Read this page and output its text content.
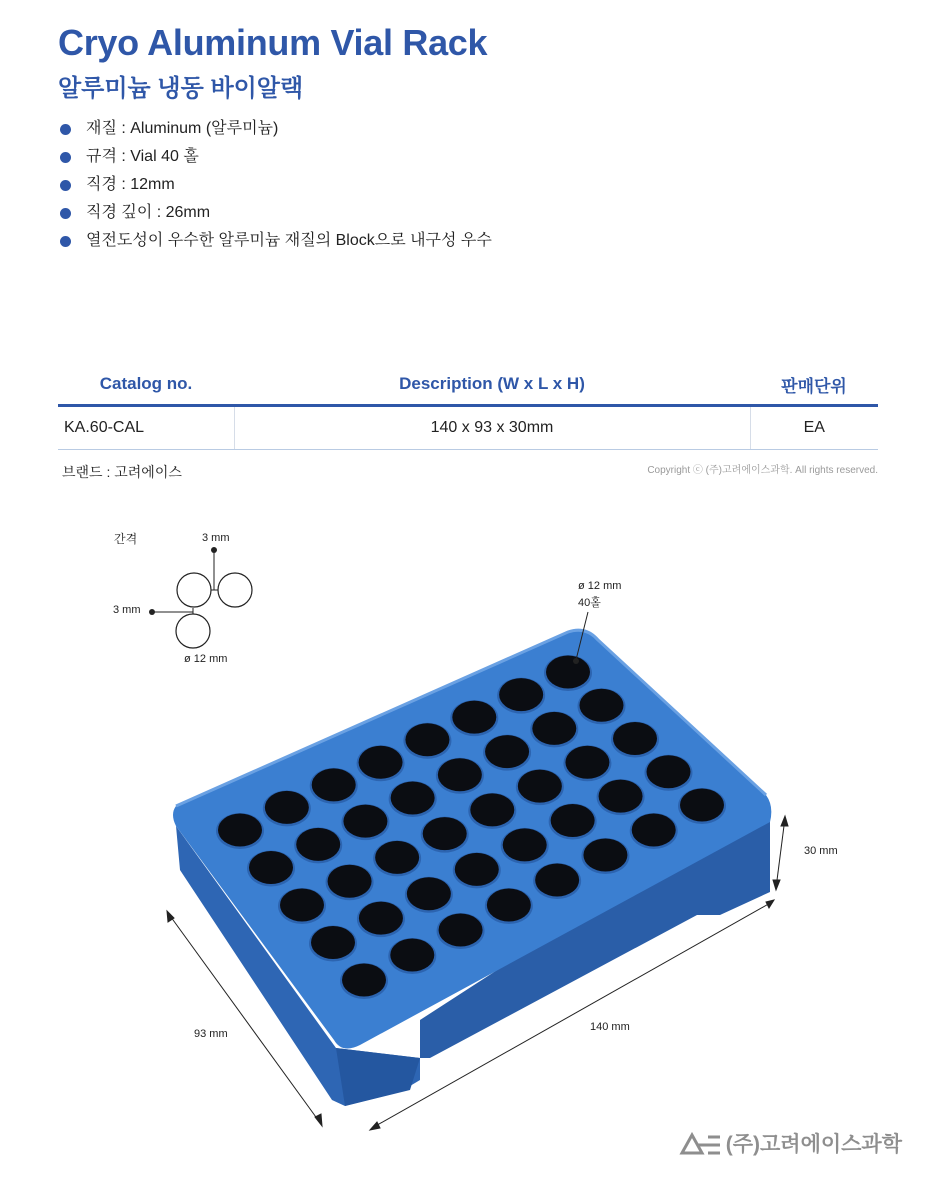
Cryo Aluminum Vial Rack
알루미늄 냉동 바이알랙
재질 : Aluminum (알루미늄)
규격 : Vial 40 홀
직경 : 12mm
직경 깊이 : 26mm
열전도성이 우수한 알루미늄 재질의 Block으로 내구성 우수
Catalog no.	Description (W x L x H)	판매단위
KA.60-CAL	140 x 93 x 30mm	EA
브랜드 : 고려에이스	Copyright ⓒ (주)고려에이스과학. All rights reserved.
간격	3 mm
3 mm
ø 12 mm
ø 12 mm
40홀
30 mm
140 mm
93 mm
(주)고려에이스과학
